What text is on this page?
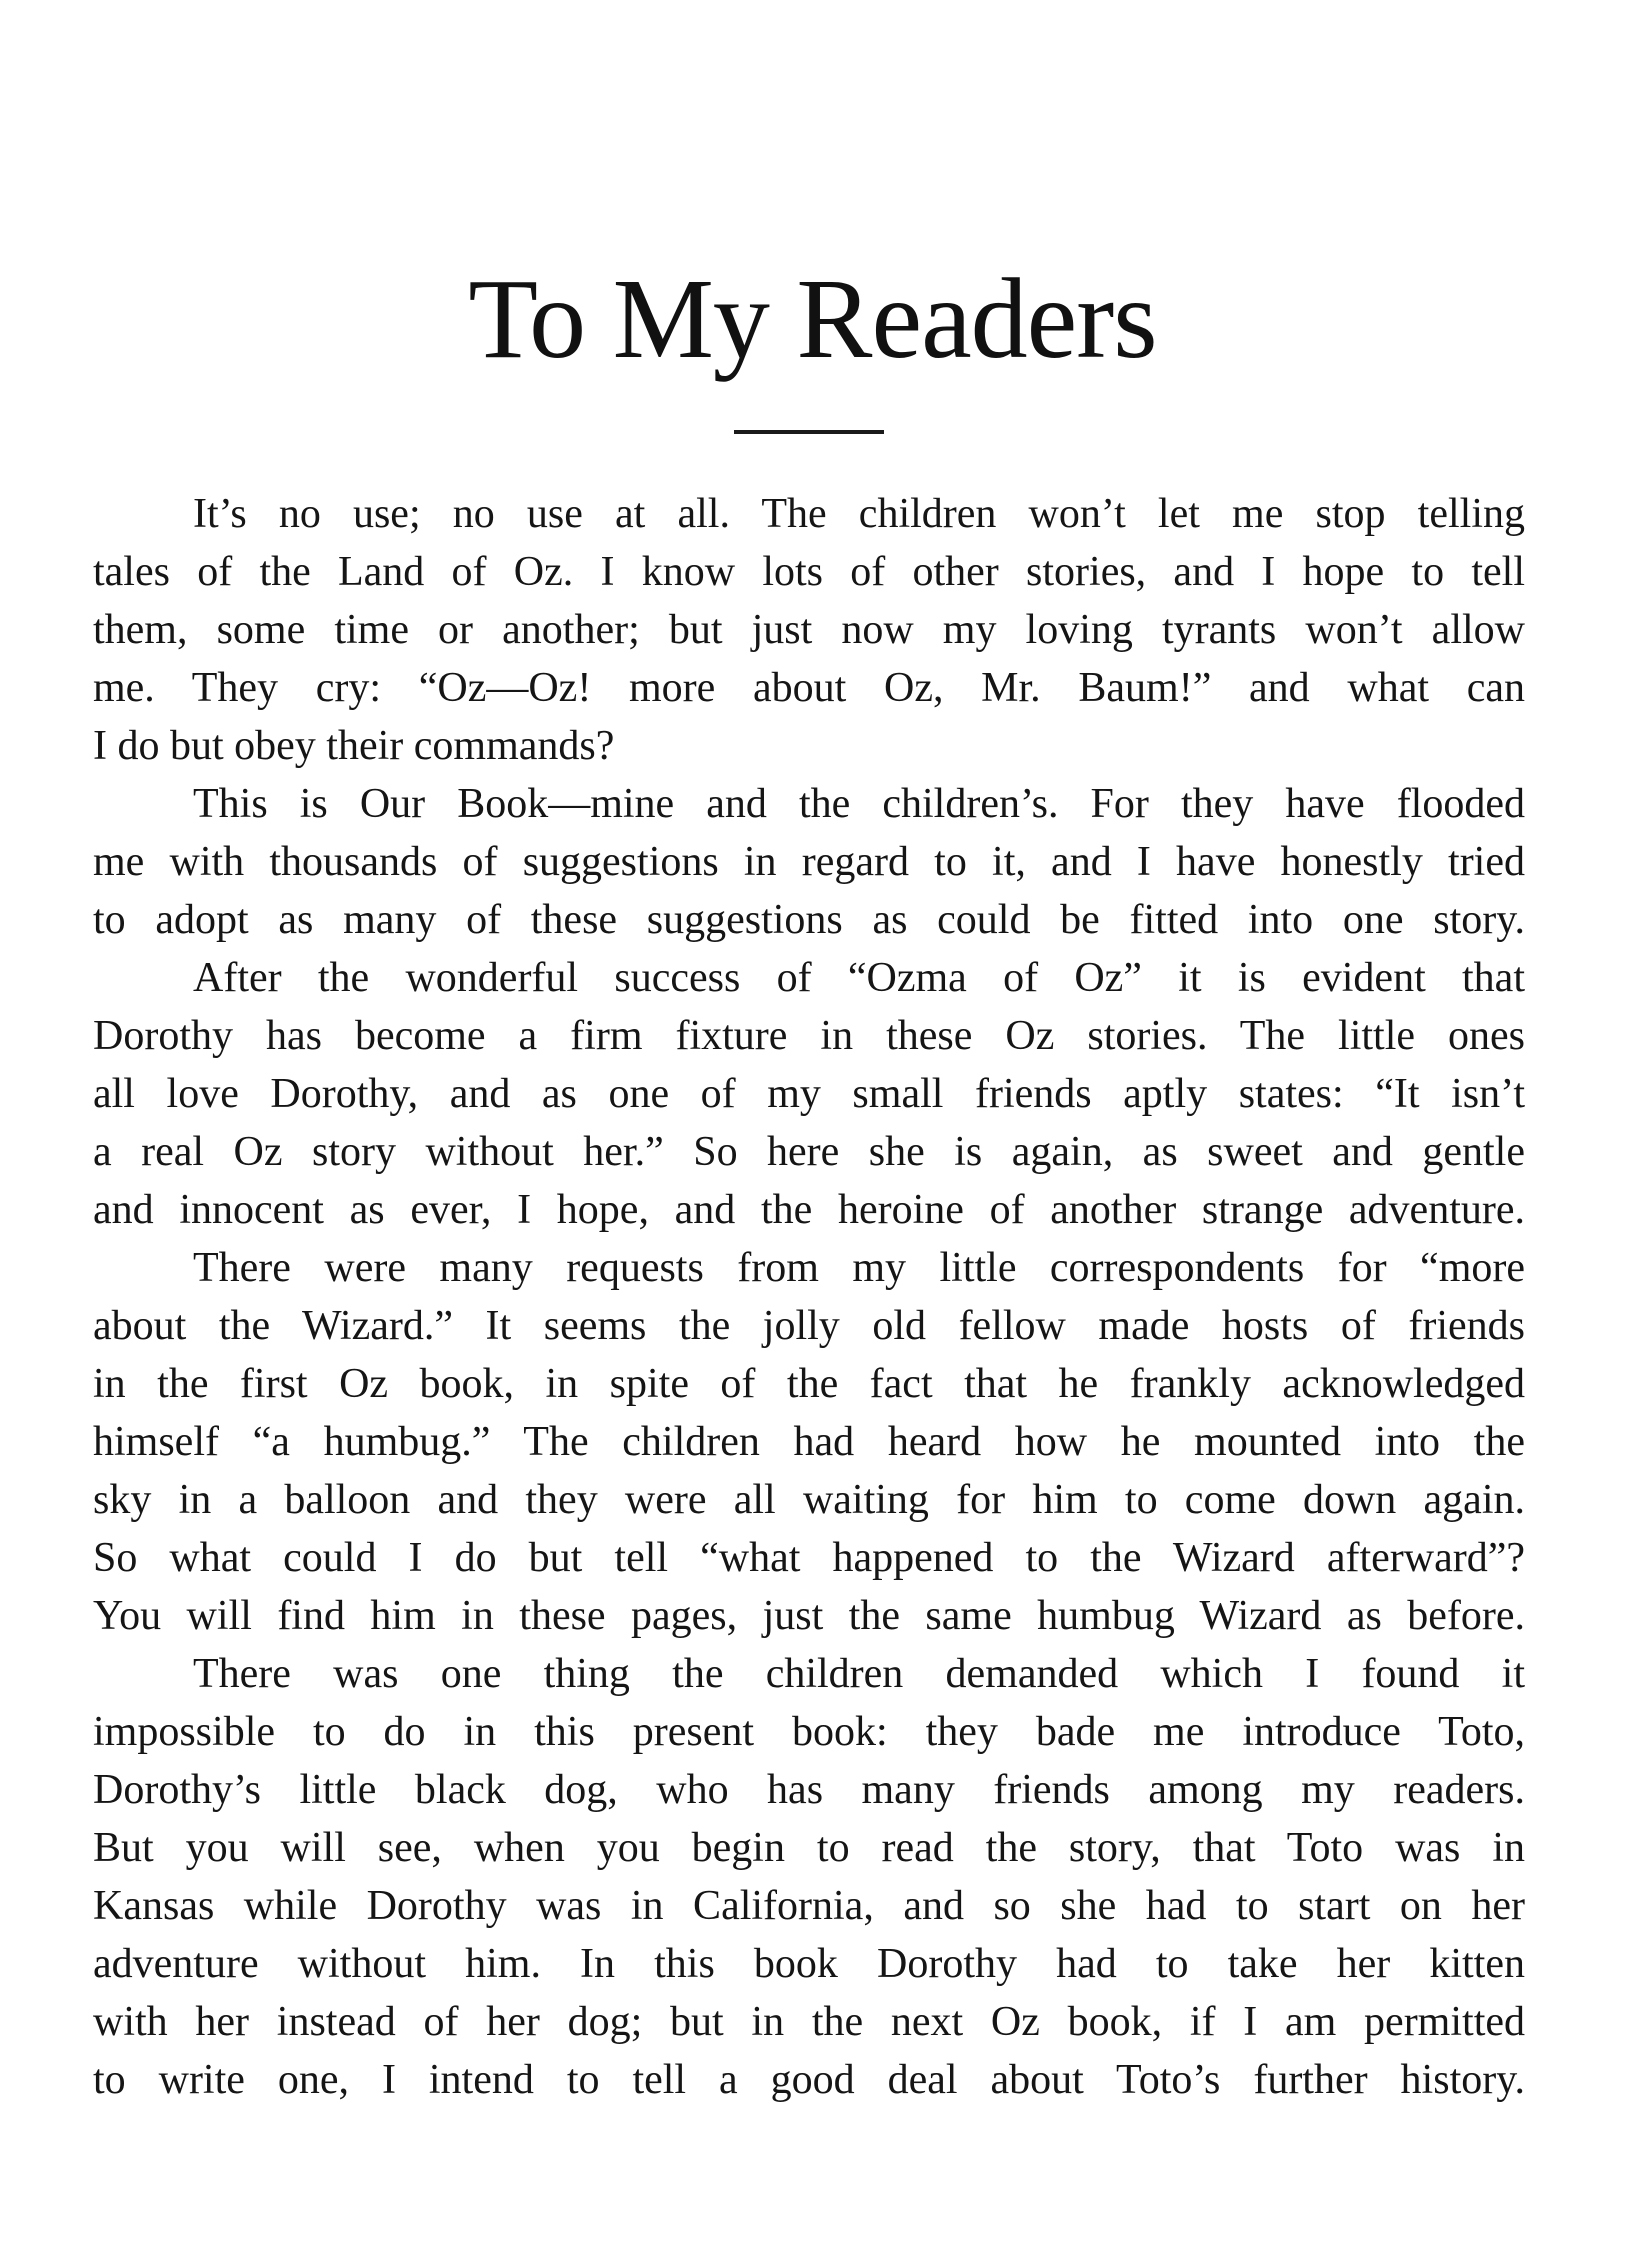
To My Readers

It’s no use; no use at all. The children won’t let me stop telling

tales of the Land of Oz. I know lots of other stories, and I hope to tell

them, some time or another; but just now my loving tyrants won’t allow

me. They cry: “Oz—Oz! more about Oz, Mr. Baum!” and what can

I do but obey their commands?

This is Our Book—mine and the children’s. For they have flooded

me with thousands of suggestions in regard to it, and I have honestly tried

to adopt as many of these suggestions as could be fitted into one story.

After the wonderful success of “Ozma of Oz” it is evident that

Dorothy has become a firm fixture in these Oz stories. The little ones

all love Dorothy, and as one of my small friends aptly states: “It isn’t

a real Oz story without her.” So here she is again, as sweet and gentle

and innocent as ever, I hope, and the heroine of another strange adventure.

There were many requests from my little correspondents for “more

about the Wizard.” It seems the jolly old fellow made hosts of friends

in the first Oz book, in spite of the fact that he frankly acknowledged

himself “a humbug.” The children had heard how he mounted into the

sky in a balloon and they were all waiting for him to come down again.

So what could I do but tell “what happened to the Wizard afterward”?

You will find him in these pages, just the same humbug Wizard as before.

There was one thing the children demanded which I found it

impossible to do in this present book: they bade me introduce Toto,

Dorothy’s little black dog, who has many friends among my readers.

But you will see, when you begin to read the story, that Toto was in

Kansas while Dorothy was in California, and so she had to start on her

adventure without him. In this book Dorothy had to take her kitten

with her instead of her dog; but in the next Oz book, if I am permitted

to write one, I intend to tell a good deal about Toto’s further history.
